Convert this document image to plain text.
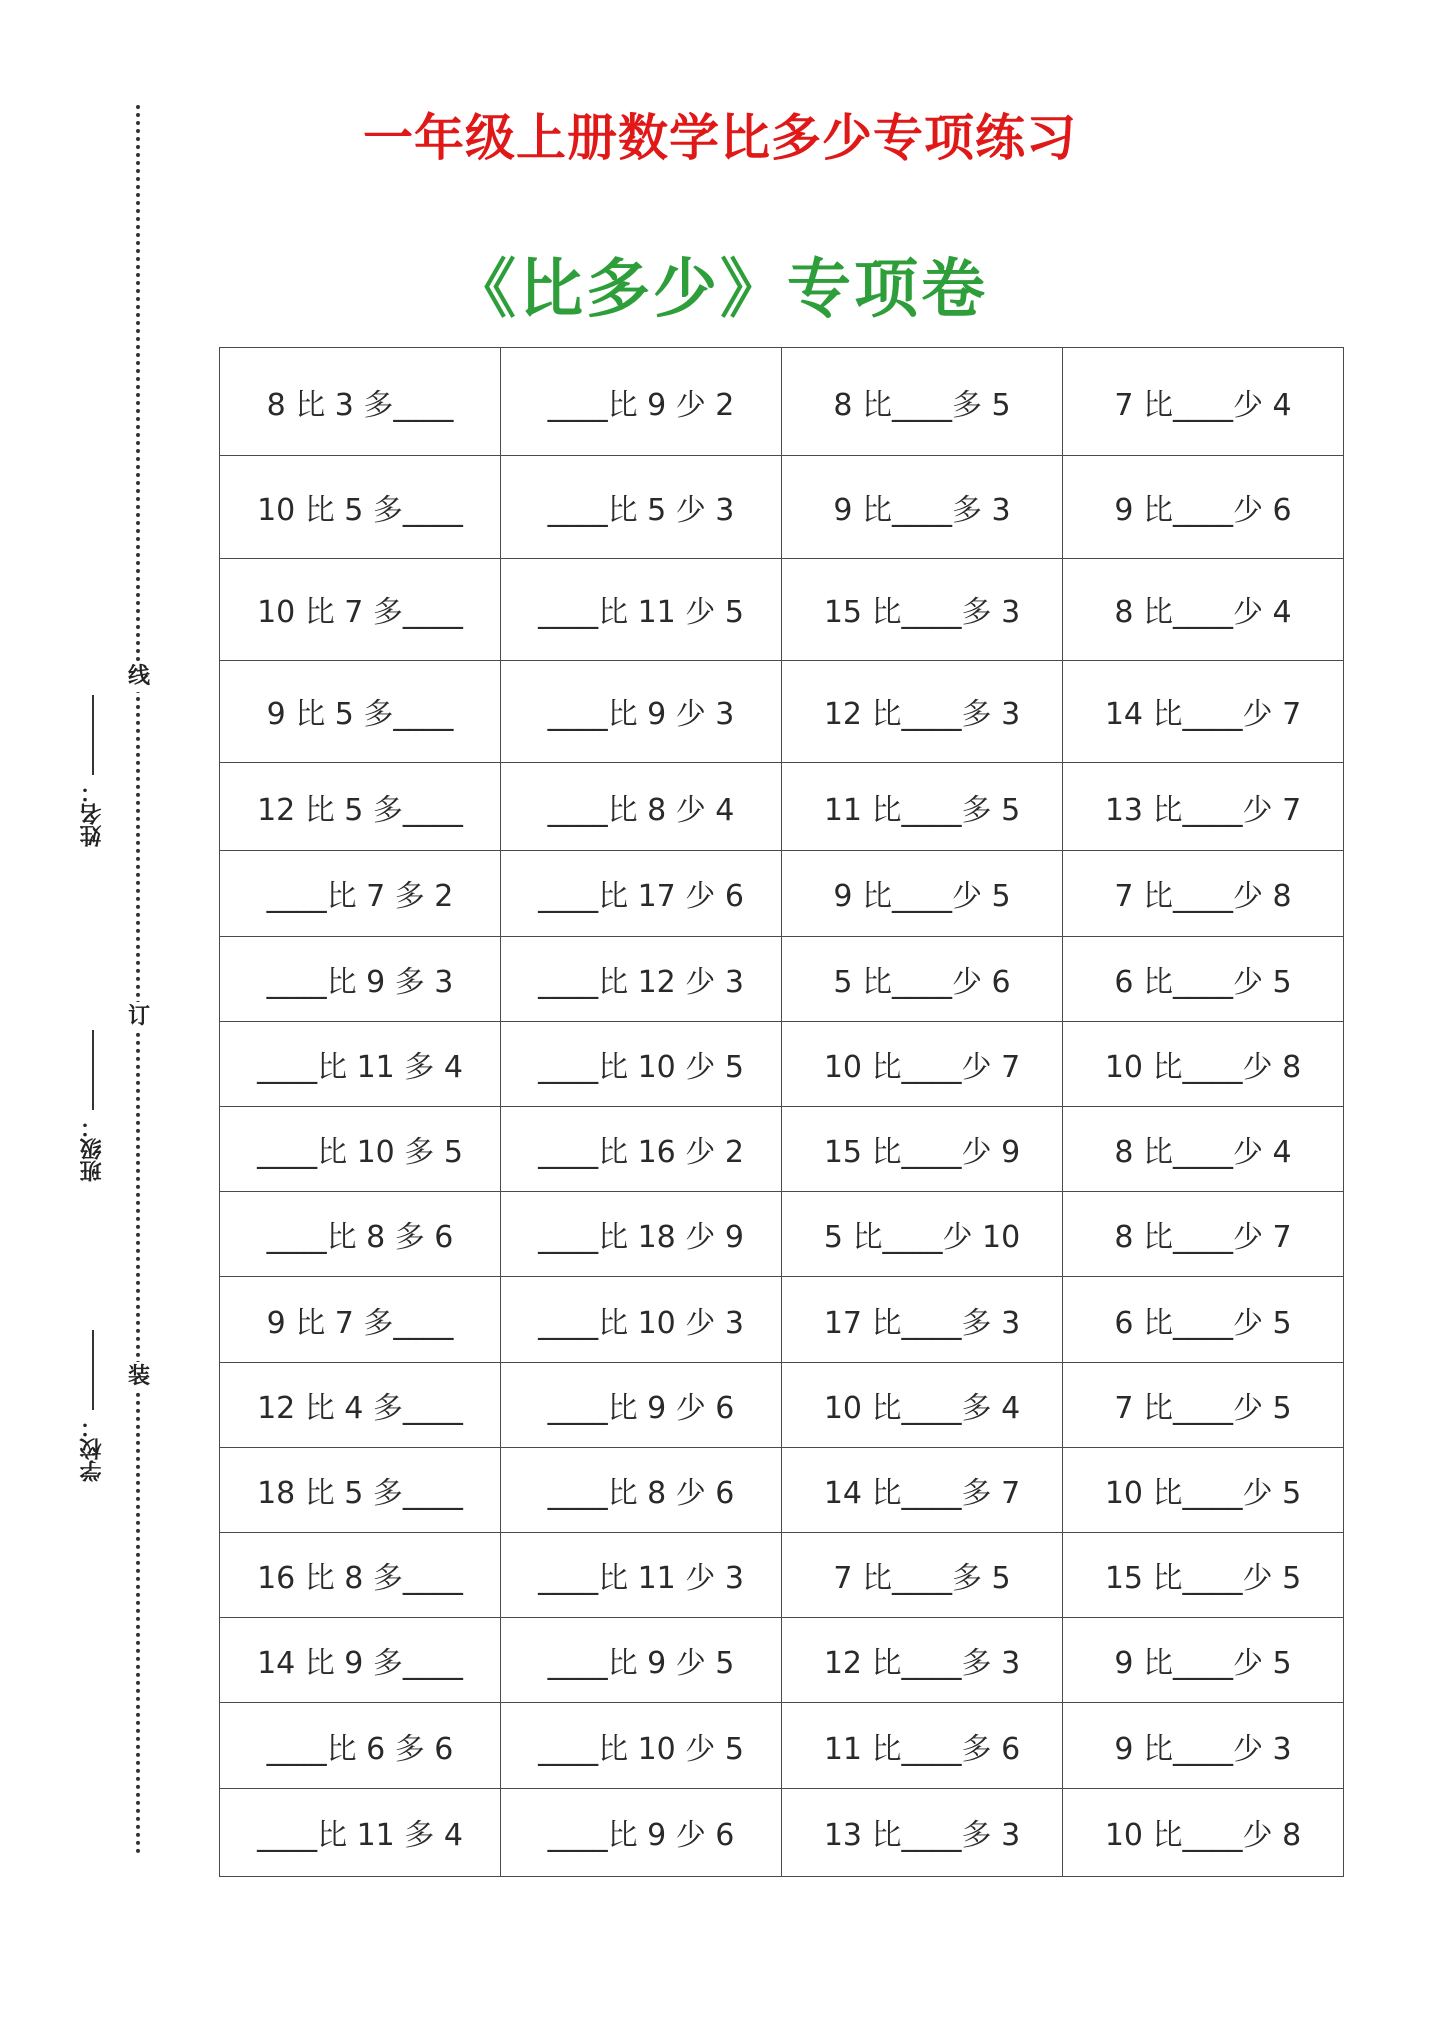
一年级上册数学比多少专项练习
《比多少》专项卷
装
订
线
学校：
班级：
姓名：
8 比 3 多____	____比 9 少 2	8 比____多 5	7 比____少 4
10 比 5 多____	____比 5 少 3	9 比____多 3	9 比____少 6
10 比 7 多____	____比 11 少 5	15 比____多 3	8 比____少 4
9 比 5 多____	____比 9 少 3	12 比____多 3	14 比____少 7
12 比 5 多____	____比 8 少 4	11 比____多 5	13 比____少 7
____比 7 多 2	____比 17 少 6	9 比____少 5	7 比____少 8
____比 9 多 3	____比 12 少 3	5 比____少 6	6 比____少 5
____比 11 多 4	____比 10 少 5	10 比____少 7	10 比____少 8
____比 10 多 5	____比 16 少 2	15 比____少 9	8 比____少 4
____比 8 多 6	____比 18 少 9	5 比____少 10	8 比____少 7
9 比 7 多____	____比 10 少 3	17 比____多 3	6 比____少 5
12 比 4 多____	____比 9 少 6	10 比____多 4	7 比____少 5
18 比 5 多____	____比 8 少 6	14 比____多 7	10 比____少 5
16 比 8 多____	____比 11 少 3	7 比____多 5	15 比____少 5
14 比 9 多____	____比 9 少 5	12 比____多 3	9 比____少 5
____比 6 多 6	____比 10 少 5	11 比____多 6	9 比____少 3
____比 11 多 4	____比 9 少 6	13 比____多 3	10 比____少 8
